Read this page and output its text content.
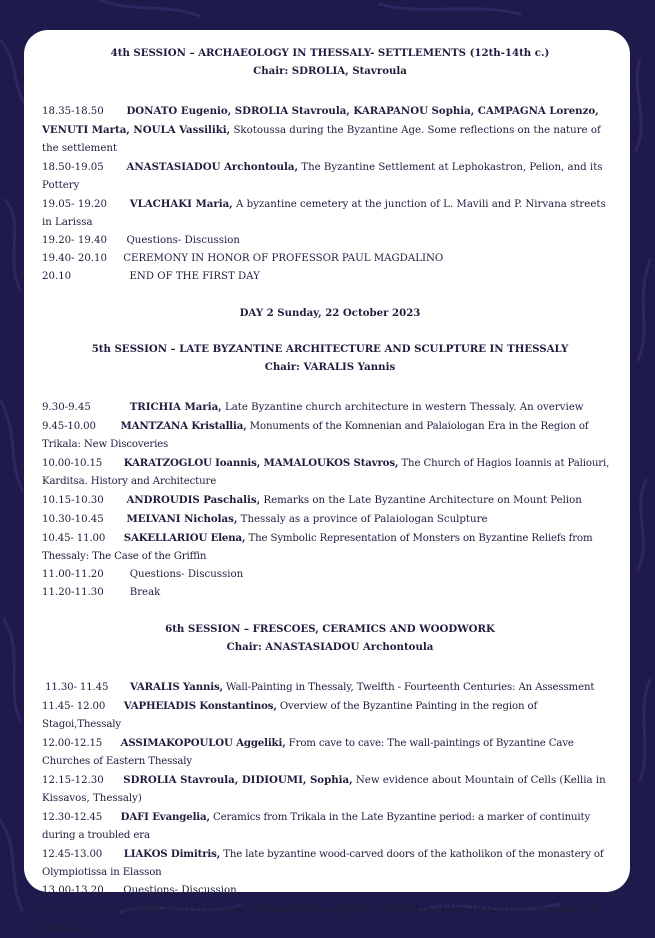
4th SESSION – ARCHAEOLOGY IN THESSALY- SETTLEMENTS (12th-14th c.)
Chair: SDROLIA, Stavroula
18.35-18.50 DONATO Eugenio, SDROLIA Stavroula, KARAPANOU Sophia, CAMPAGNA Lorenzo, VENUTI Marta, NOULA Vassiliki, Skotoussa during the Byzantine Age. Some reflections on the nature of the settlement
18.50-19.05 ANASTASIADOU Archontoula, The Byzantine Settlement at Lephokastron, Pelion, and its Pottery
19.05- 19.20 VLACHAKI Maria, A byzantine cemetery at the junction of L. Mavili and P. Nirvana streets in Larissa
19.20- 19.40 Questions- Discussion
19.40- 20.10 CEREMONY IN HONOR OF PROFESSOR PAUL MAGDALINO
20.10	END OF THE FIRST DAY
DAY 2 Sunday, 22 October 2023
5th SESSION – LATE BYZANTINE ARCHITECTURE AND SCULPTURE IN THESSALY
Chair: VARALIS Yannis
9.30-9.45	TRICHIA Maria, Late Byzantine church architecture in western Thessaly. An overview
9.45-10.00 MANTZANA Kristallia, Monuments of the Komnenian and Palaiologan Era in the Region of Trikala: New Discoveries
10.00-10.15 KARATZOGLOU Ioannis, MAMALOUKOS Stavros, The Church of Hagios Ioannis at Paliouri, Karditsa. History and Architecture
10.15-10.30 ANDROUDIS Paschalis, Remarks on the Late Byzantine Architecture on Mount Pelion
10.30-10.45 MELVANI Nicholas, Thessaly as a province of Palaiologan Sculpture
10.45- 11.00 SAKELLARIOU Elena, The Symbolic Representation of Monsters on Byzantine Reliefs from Thessaly: The Case of the Griffin
11.00-11.20	Questions- Discussion
11.20-11.30	Break
6th SESSION – FRESCOES, CERAMICS AND WOODWORK
Chair: ANASTASIADOU Archontoula
11.30- 11.45 VARALIS Yannis, Wall-Painting in Thessaly, Twelfth - Fourteenth Centuries: An Assessment
11.45- 12.00 VAPHEIADIS Konstantinos, Overview of the Byzantine Painting in the region of Stagoi,Thessaly
12.00-12.15 ASSIMAKOPOULOU Aggeliki, From cave to cave: The wall-paintings of Byzantine Cave Churches of Eastern Thessaly
12.15-12.30 SDROLIA Stavroula, DIDIOUMI, Sophia, New evidence about Mountain of Cells (Kellia in Kissavos, Thessaly)
12.30-12.45 DAFI Evangelia, Ceramics from Trikala in the Late Byzantine period: a marker of continuity during a troubled era
12.45-13.00 LIAKOS Dimitris, The late byzantine wood-carved doors of the katholikon of the monastery of Olympiotissa in Elasson
13.00-13.20 Questions- Discussion
13.30- 14.00 Guided tour: Byzantine Thessaly through the exhibition at the Diachronic Museum of Larissa
